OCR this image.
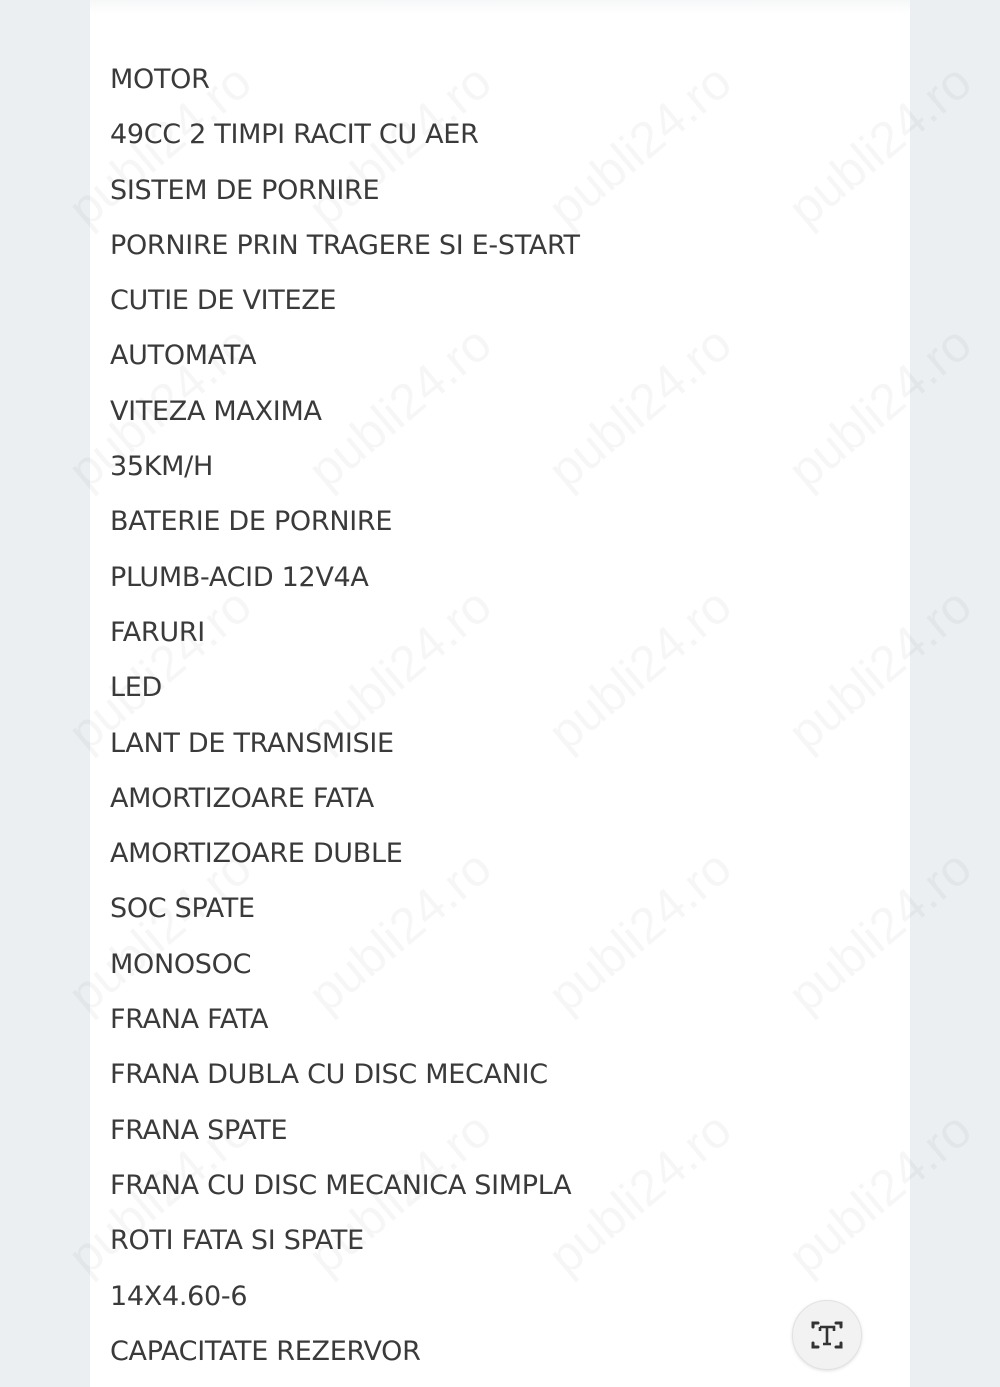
MOTOR
49CC 2 TIMPI RACIT CU AER
SISTEM DE PORNIRE
PORNIRE PRIN TRAGERE SI E-START
CUTIE DE VITEZE
AUTOMATA
VITEZA MAXIMA
35KM/H
BATERIE DE PORNIRE
PLUMB-ACID 12V4A
FARURI
LED
LANT DE TRANSMISIE
AMORTIZOARE FATA
AMORTIZOARE DUBLE
SOC SPATE
MONOSOC
FRANA FATA
FRANA DUBLA CU DISC MECANIC
FRANA SPATE
FRANA CU DISC MECANICA SIMPLA
ROTI FATA SI SPATE
14X4.60-6
CAPACITATE REZERVOR
